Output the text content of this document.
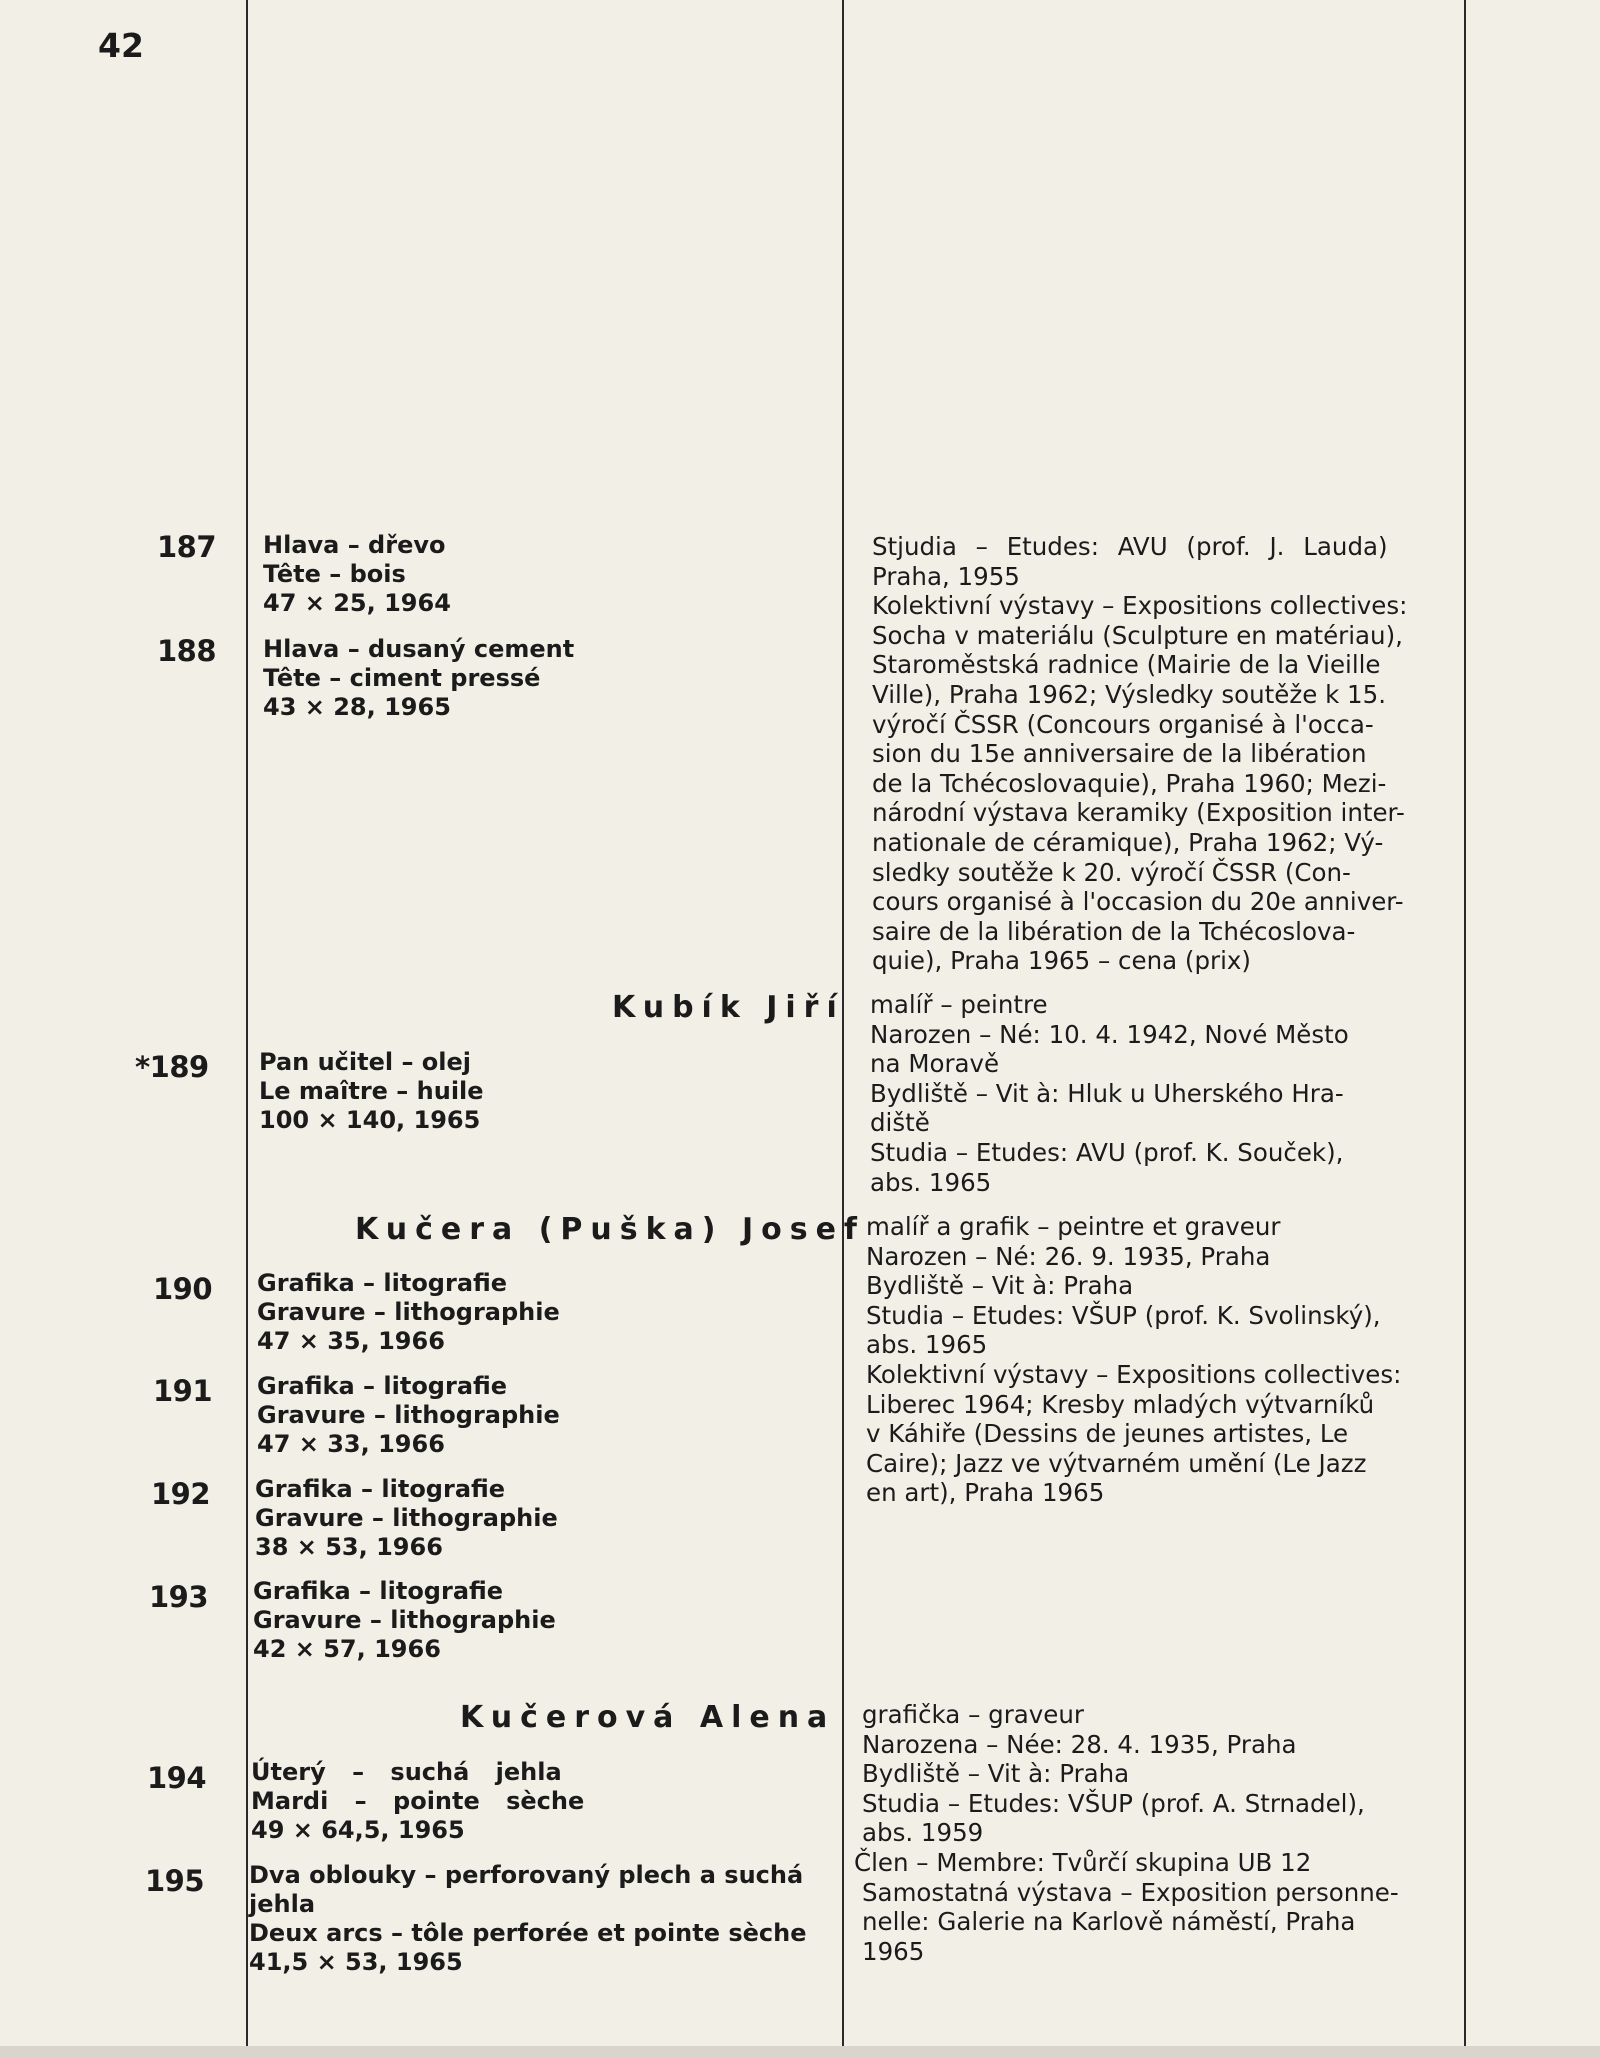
42
187
188
*189
190
191
192
193
194
195
Hlava – dřevo
Tête – bois
47 × 25, 1964
Hlava – dusaný cement
Tête – ciment pressé
43 × 28, 1965
Pan učitel – olej
Le maître – huile
100 × 140, 1965
Grafika – litografie
Gravure – lithographie
47 × 35, 1966
Grafika – litografie
Gravure – lithographie
47 × 33, 1966
Grafika – litografie
Gravure – lithographie
38 × 53, 1966
Grafika – litografie
Gravure – lithographie
42 × 57, 1966
Úterý – suchá jehla
Mardi – pointe sèche
49 × 64,5, 1965
Dva oblouky – perforovaný plech a suchá
jehla
Deux arcs – tôle perforée et pointe sèche
41,5 × 53, 1965
Kubík Jiří
Kučera (Puška) Josef
Kučerová Alena
Stjudia – Etudes: AVU (prof. J. Lauda)
Praha, 1955
Kolektivní výstavy – Expositions collectives:
Socha v materiálu (Sculpture en matériau),
Staroměstská radnice (Mairie de la Vieille
Ville), Praha 1962; Výsledky soutěže k 15.
výročí ČSSR (Concours organisé à l'occa-
sion du 15e anniversaire de la libération
de la Tchécoslovaquie), Praha 1960; Mezi-
národní výstava keramiky (Exposition inter-
nationale de céramique), Praha 1962; Vý-
sledky soutěže k 20. výročí ČSSR (Con-
cours organisé à l'occasion du 20e anniver-
saire de la libération de la Tchécoslova-
quie), Praha 1965 – cena (prix)
malíř – peintre
Narozen – Né: 10. 4. 1942, Nové Město
na Moravě
Bydliště – Vit à: Hluk u Uherského Hra-
diště
Studia – Etudes: AVU (prof. K. Souček),
abs. 1965
malíř a grafik – peintre et graveur
Narozen – Né: 26. 9. 1935, Praha
Bydliště – Vit à: Praha
Studia – Etudes: VŠUP (prof. K. Svolinský),
abs. 1965
Kolektivní výstavy – Expositions collectives:
Liberec 1964; Kresby mladých výtvarníků
v Káhiře (Dessins de jeunes artistes, Le
Caire); Jazz ve výtvarném umění (Le Jazz
en art), Praha 1965
grafička – graveur
Narozena – Née: 28. 4. 1935, Praha
Bydliště – Vit à: Praha
Studia – Etudes: VŠUP (prof. A. Strnadel),
abs. 1959
Člen – Membre: Tvůrčí skupina UB 12
Samostatná výstava – Exposition personne-
nelle: Galerie na Karlově náměstí, Praha
1965
